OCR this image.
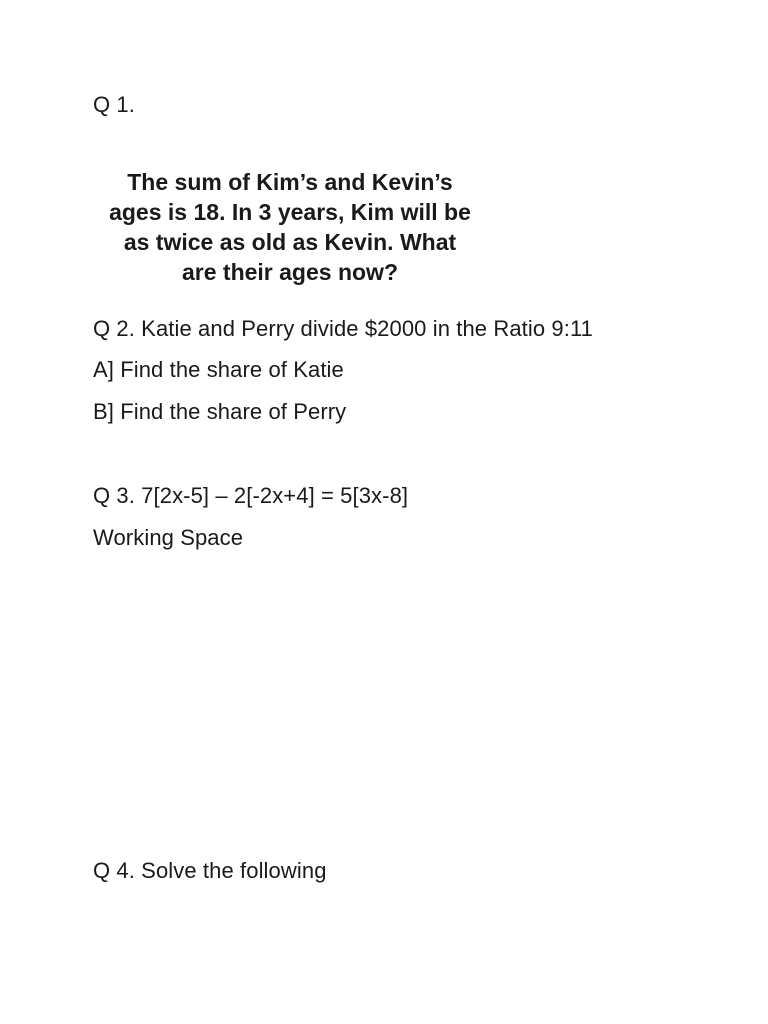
Q 1.
The sum of Kim’s and Kevin’s
ages is 18. In 3 years, Kim will be
as twice as old as Kevin. What
are their ages now?
Q 2. Katie and Perry divide $2000 in the Ratio 9:11
A] Find the share of Katie
B] Find the share of Perry
Q 3. 7[2x-5] – 2[-2x+4] = 5[3x-8]
Working Space
Q 4. Solve the following
